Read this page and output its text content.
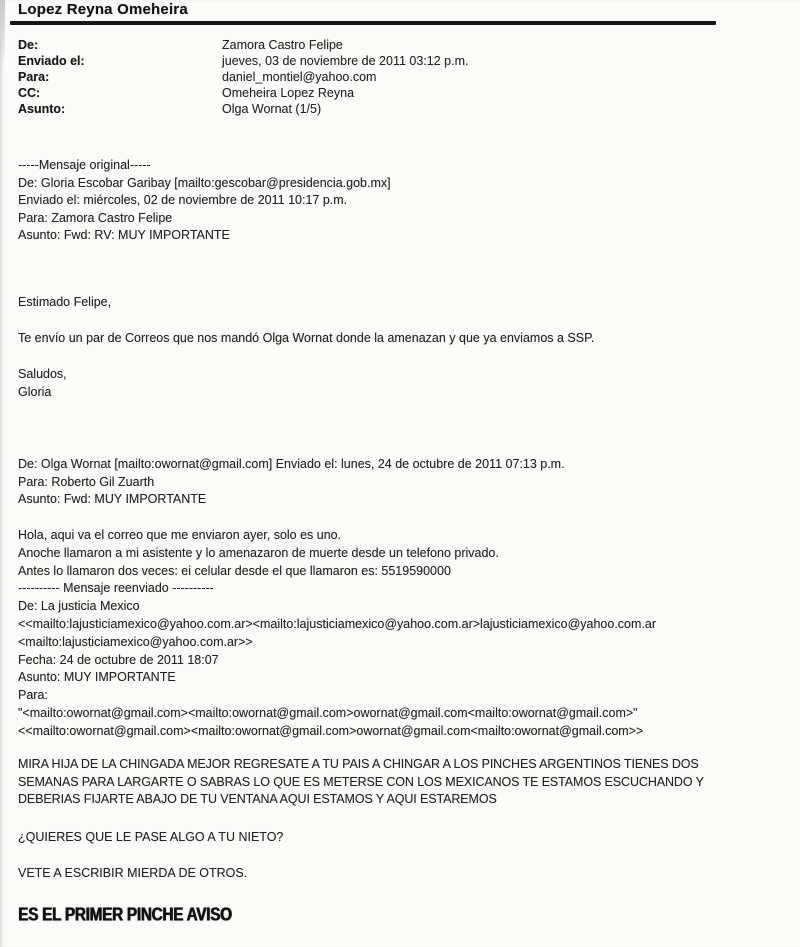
Lopez Reyna Omeheira
De:	Zamora Castro Felipe
Enviado el:	jueves, 03 de noviembre de 2011 03:12 p.m.
Para:	daniel_montiel@yahoo.com
CC:	Omeheira Lopez Reyna
Asunto:	Olga Wornat (1/5)
-----Mensaje original-----
De: Gloria Escobar Garibay [mailto:gescobar@presidencia.gob.mx]
Enviado el: miércoles, 02 de noviembre de 2011 10:17 p.m.
Para: Zamora Castro Felipe
Asunto: Fwd: RV: MUY IMPORTANTE
Estimado Felipe,
Te envío un par de Correos que nos mandó Olga Wornat donde la amenazan y que ya enviamos a SSP.
Saludos,
Gloria
De: Olga Wornat [mailto:owornat@gmail.com] Enviado el: lunes, 24 de octubre de 2011 07:13 p.m.
Para: Roberto Gil Zuarth
Asunto: Fwd: MUY IMPORTANTE
Hola, aqui va el correo que me enviaron ayer, solo es uno.
Anoche llamaron a mi asistente y lo amenazaron de muerte desde un telefono privado.
Antes lo llamaron dos veces: ei celular desde el que llamaron es: 5519590000
---------- Mensaje reenviado ----------
De: La justicia Mexico
<<mailto:lajusticiamexico@yahoo.com.ar><mailto:lajusticiamexico@yahoo.com.ar>lajusticiamexico@yahoo.com.ar
<mailto:lajusticiamexico@yahoo.com.ar>>
Fecha: 24 de octubre de 2011 18:07
Asunto: MUY IMPORTANTE
Para:
"<mailto:owornat@gmail.com><mailto:owornat@gmail.com>owornat@gmail.com<mailto:owornat@gmail.com>"
<<mailto:owornat@gmail.com><mailto:owornat@gmail.com>owornat@gmail.com<mailto:owornat@gmail.com>>
MIRA HIJA DE LA CHINGADA MEJOR REGRESATE A TU PAIS A CHINGAR A LOS PINCHES ARGENTINOS TIENES DOS
SEMANAS PARA LARGARTE O SABRAS LO QUE ES METERSE CON LOS MEXICANOS TE ESTAMOS ESCUCHANDO Y
DEBERIAS FIJARTE ABAJO DE TU VENTANA AQUI ESTAMOS Y AQUI ESTAREMOS
¿QUIERES QUE LE PASE ALGO A TU NIETO?
VETE A ESCRIBIR MIERDA DE OTROS.
ES EL PRIMER PINCHE AVISO
